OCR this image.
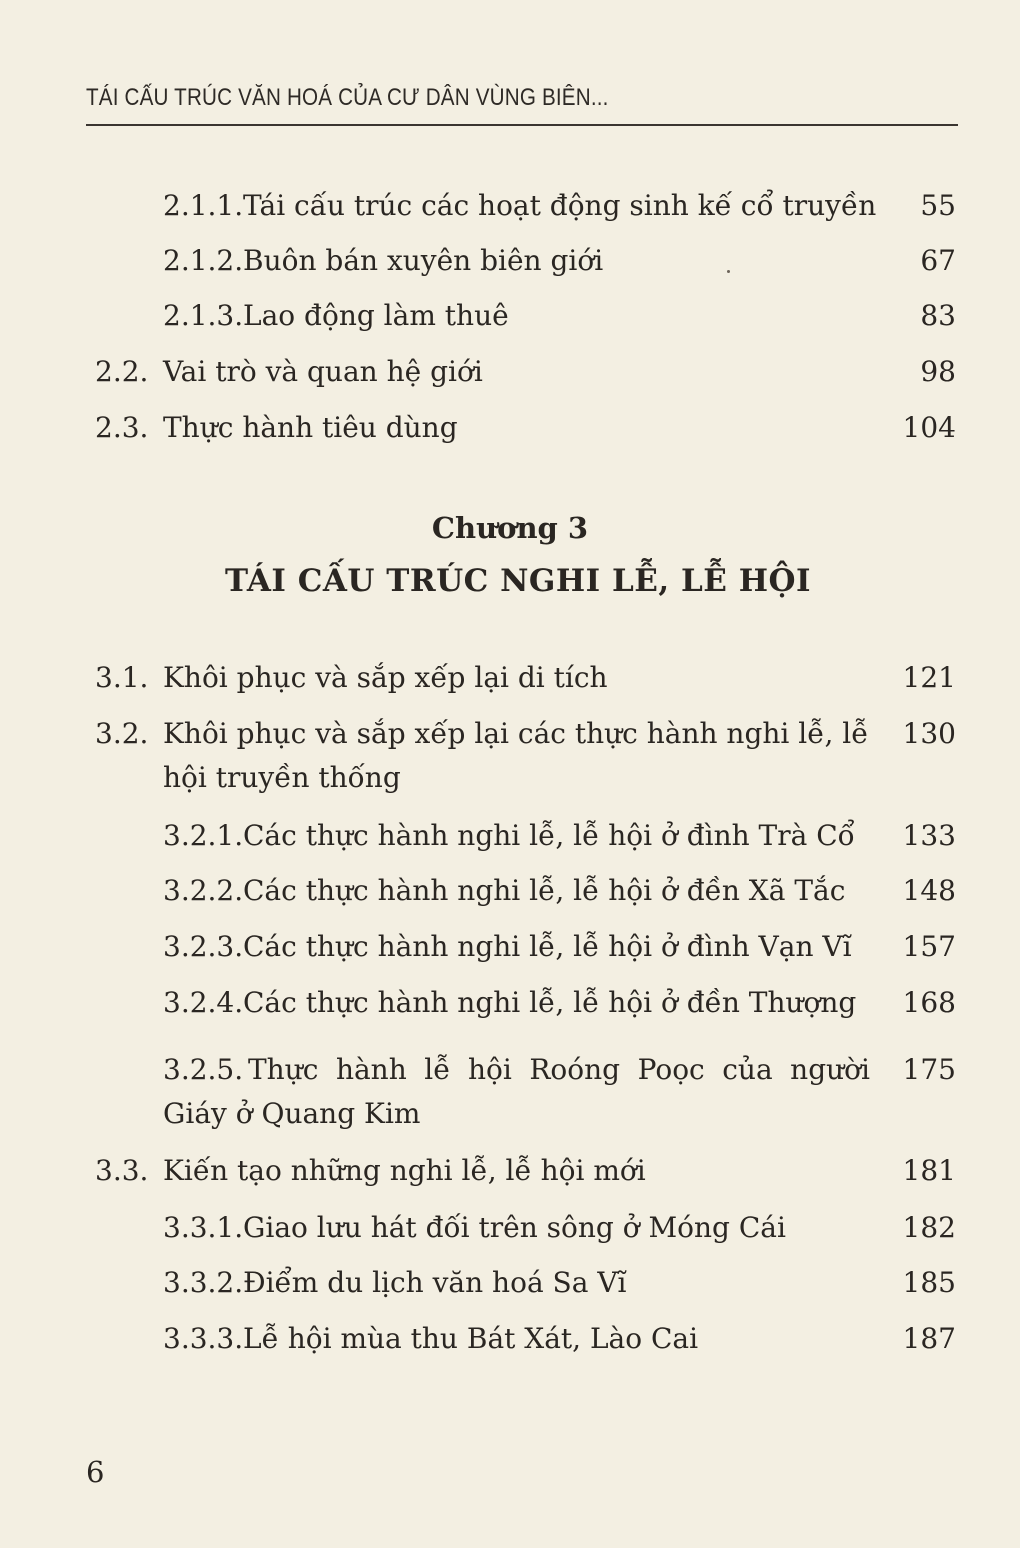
TÁI CẤU TRÚC VĂN HOÁ CỦA CƯ DÂN VÙNG BIÊN...
2.1.1. Tái cấu trúc các hoạt động sinh kế cổ truyền 55
2.1.2. Buôn bán xuyên biên giới	67
2.1.3. Lao động làm thuê	83
2.2. Vai trò và quan hệ giới	98
2.3. Thực hành tiêu dùng	104
Chương 3
TÁI CẤU TRÚC NGHI LỄ, LỄ HỘI
3.1. Khôi phục và sắp xếp lại di tích	121
3.2. Khôi phục và sắp xếp lại các thực hành nghi lễ, lễ
hội truyền thống
130
3.2.1. Các thực hành nghi lễ, lễ hội ở đình Trà Cổ 133
3.2.2. Các thực hành nghi lễ, lễ hội ở đền Xã Tắc 148
3.2.3. Các thực hành nghi lễ, lễ hội ở đình Vạn Vĩ 157
3.2.4. Các thực hành nghi lễ, lễ hội ở đền Thượng 168
3.2.5. Thực hành lễ hội Roóng Poọc của người
Giáy ở Quang Kim
175
3.3. Kiến tạo những nghi lễ, lễ hội mới	181
3.3.1. Giao lưu hát đối trên sông ở Móng Cái	182
3.3.2. Điểm du lịch văn hoá Sa Vĩ	185
3.3.3. Lễ hội mùa thu Bát Xát, Lào Cai	187
6
